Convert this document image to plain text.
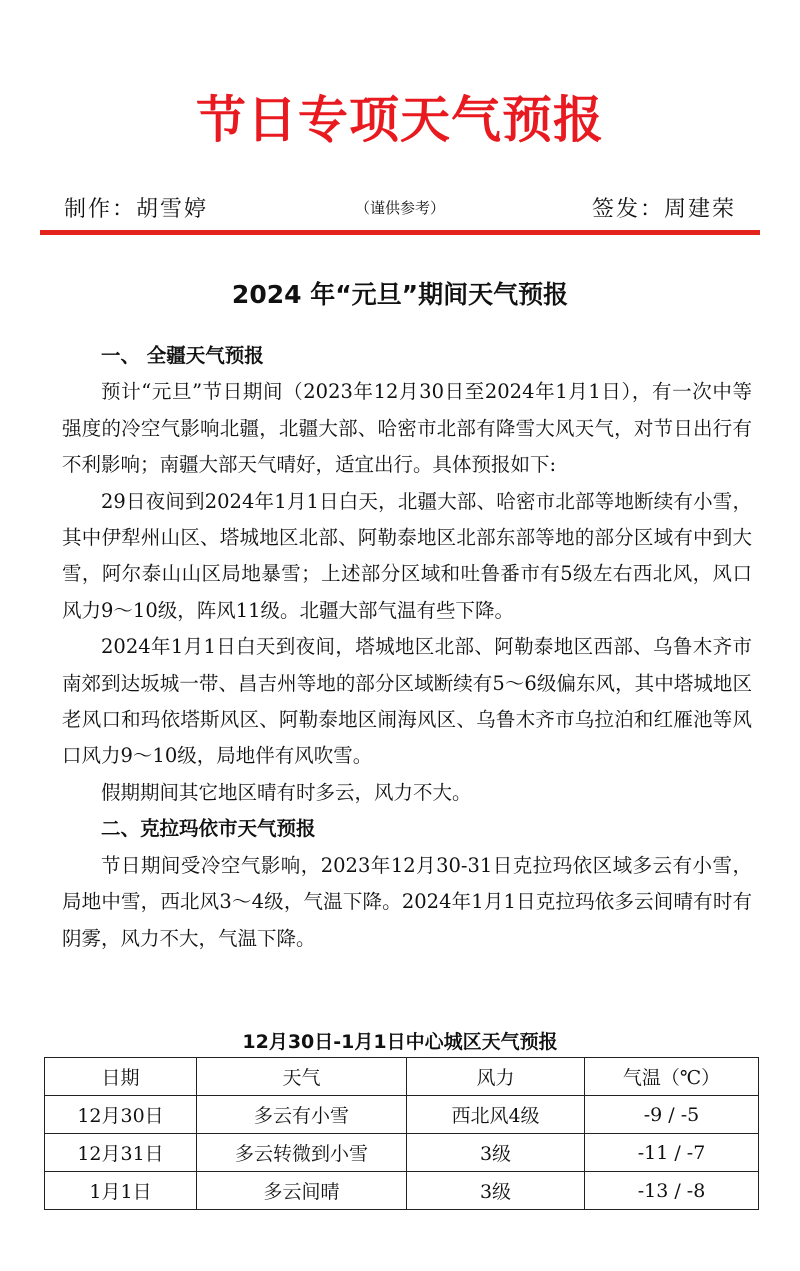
节日专项天气预报
制作：胡雪婷	（谨供参考）	签发：周建荣
2024 年“元旦”期间天气预报
一、 全疆天气预报
预计“元旦”节日期间（2023年12月30日至2024年1月1日），有一次中等强度的冷空气影响北疆，北疆大部、哈密市北部有降雪大风天气，对节日出行有不利影响；南疆大部天气晴好，适宜出行。具体预报如下:
29日夜间到2024年1月1日白天，北疆大部、哈密市北部等地断续有小雪，其中伊犁州山区、塔城地区北部、阿勒泰地区北部东部等地的部分区域有中到大雪，阿尔泰山山区局地暴雪；上述部分区域和吐鲁番市有5级左右西北风，风口风力9～10级，阵风11级。北疆大部气温有些下降。
2024年1月1日白天到夜间，塔城地区北部、阿勒泰地区西部、乌鲁木齐市南郊到达坂城一带、昌吉州等地的部分区域断续有5～6级偏东风，其中塔城地区老风口和玛依塔斯风区、阿勒泰地区闹海风区、乌鲁木齐市乌拉泊和红雁池等风口风力9～10级，局地伴有风吹雪。
假期期间其它地区晴有时多云，风力不大。
二、克拉玛依市天气预报
节日期间受冷空气影响，2023年12月30-31日克拉玛依区域多云有小雪，局地中雪，西北风3～4级，气温下降。2024年1月1日克拉玛依多云间晴有时有阴雾，风力不大，气温下降。
12月30日-1月1日中心城区天气预报
日期	天气	风力	气温（℃）
12月30日	多云有小雪	西北风4级	-9 / -5
12月31日	多云转微到小雪	3级	-11 / -7
1月1日	多云间晴	3级	-13 / -8
